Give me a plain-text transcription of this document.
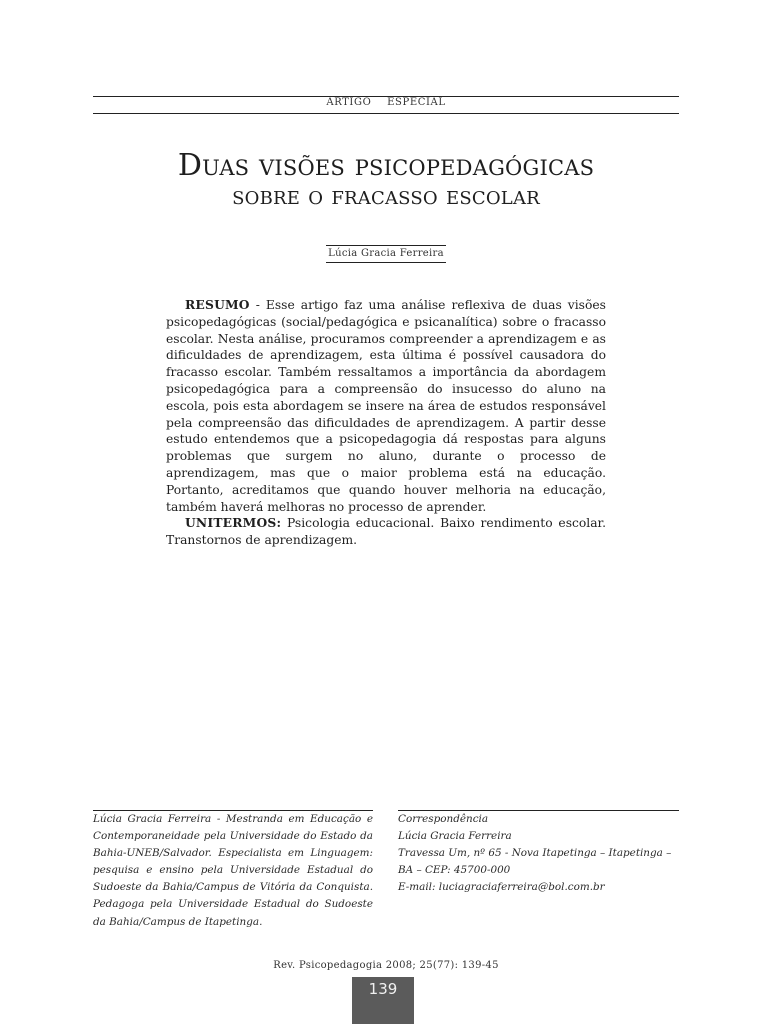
ARTIGO ESPECIAL
Duas visões psicopedagógicas
sobre o fracasso escolar
Lúcia Gracia Ferreira

RESUMO - Esse artigo faz uma análise reflexiva de duas visões psicopedagógicas (social/pedagógica e psicanalítica) sobre o fracasso escolar. Nesta análise, procuramos compreender a aprendizagem e as dificuldades de aprendizagem, esta última é possível causadora do fracasso escolar. Também ressaltamos a importância da abordagem psicopedagógica para a compreensão do insucesso do aluno na escola, pois esta abordagem se insere na área de estudos responsável pela compreensão das dificuldades de aprendizagem. A partir desse estudo entendemos que a psicopedagogia dá respostas para alguns problemas que surgem no aluno, durante o processo de aprendizagem, mas que o maior problema está na educação. Portanto, acreditamos que quando houver melhoria na educação, também haverá melhoras no processo de aprender.

UNITERMOS: Psicologia educacional. Baixo rendimento escolar. Transtornos de aprendizagem.

Lúcia Gracia Ferreira - Mestranda em Educação e Contemporaneidade pela Universidade do Estado da Bahia-UNEB/Salvador. Especialista em Linguagem: pesquisa e ensino pela Universidade Estadual do Sudoeste da Bahia/Campus de Vitória da Conquista. Pedagoga pela Universidade Estadual do Sudoeste da Bahia/Campus de Itapetinga.
Correspondência
Lúcia Gracia Ferreira
Travessa Um, nº 65 - Nova Itapetinga – Itapetinga –
BA – CEP: 45700-000
E-mail: luciagraciaferreira@bol.com.br
Rev. Psicopedagogia 2008; 25(77): 139-45
139
